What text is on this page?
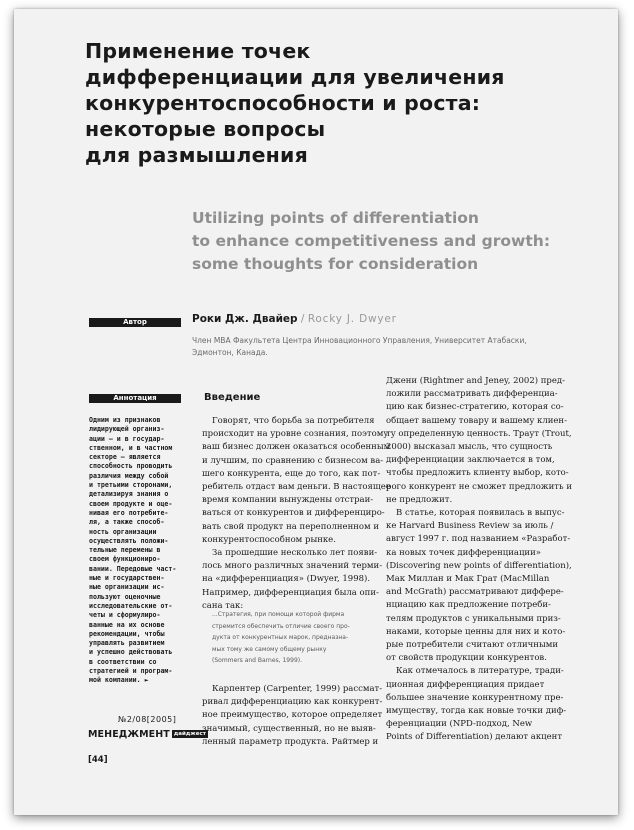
Применение точек
дифференциации для увеличения
конкурентоспособности и роста:
некоторые вопросы
для размышления
Utilizing points of differentiation
to enhance competitiveness and growth:
some thoughts for consideration
Автор	Роки Дж. Двайер / Rocky J. Dwyer
Член MBA Факультета Центра Инновационного Управления, Университет Атабаски,
Эдмонтон, Канада.
Аннотация
Одним из признаков
лидирующей организ-
ации — и в государ-
ственном, и в частном
секторе — является
способность проводить
различия между собой
и третьими сторонами,
детализируя знания о
своем продукте и оце-
нивая его потребите-
ля, а также способ-
ность организации
осуществлять положи-
тельные перемены в
своем функциониро-
вании. Передовые част-
ные и государствен-
ные организации ис-
пользуют оценочные
исследовательские от-
четы и сформулиро-
ванные на их основе
рекомендации, чтобы
управлять развитием
и успешно действовать
в соответствии со
стратегией и програм-
мой компании. ►
№2/08[2005]
МЕНЕДЖМЕНТ дайджест
[44]
Введение
Говорят, что борьба за потребителя
происходит на уровне сознания, поэтому
ваш бизнес должен оказаться особенным
и лучшим, по сравнению с бизнесом ва-
шего конкурента, еще до того, как пот-
ребитель отдаст вам деньги. В настоящее
время компании вынуждены отстраи-
ваться от конкурентов и дифференциро-
вать свой продукт на переполненном и
конкурентоспособном рынке.
За прошедшие несколько лет появи-
лось много различных значений терми-
на «дифференциация» (Dwyer, 1998).
Например, дифференциация была опи-
сана так:
...Стратегия, при помощи которой фирма
стремится обеспечить отличие своего про-
дукта от конкурентных марок, предназна-
мых тому же самому общему рынку
(Sommers and Barnes, 1999).
Карпентер (Carpenter, 1999) рассмат-
ривал дифференциацию как конкурент-
ное преимущество, которое определяет
значимый, существенный, но не выяв-
ленный параметр продукта. Райтмер и
Джени (Rightmer and Jeney, 2002) пред-
ложили рассматривать дифференциа-
цию как бизнес-стратегию, которая со-
общает вашему товару и вашему клиен-
ту определенную ценность. Траут (Trout,
2000) высказал мысль, что сущность
дифференциации заключается в том,
чтобы предложить клиенту выбор, кото-
рого конкурент не сможет предложить и
не предложит.
В статье, которая появилась в выпус-
ке Harvard Business Review за июль /
август 1997 г. под названием «Разработ-
ка новых точек дифференциации»
(Discovering new points of differentiation),
Мак Миллан и Мак Грат (MacMillan
and McGrath) рассматривают диффере-
нциацию как предложение потреби-
телям продуктов с уникальными приз-
наками, которые ценны для них и кото-
рые потребители считают отличными
от свойств продукции конкурентов.
Как отмечалось в литературе, тради-
ционная дифференциация придает
большее значение конкурентному пре-
имуществу, тогда как новые точки диф-
ференциации (NPD-подход, New
Points of Differentiation) делают акцент
